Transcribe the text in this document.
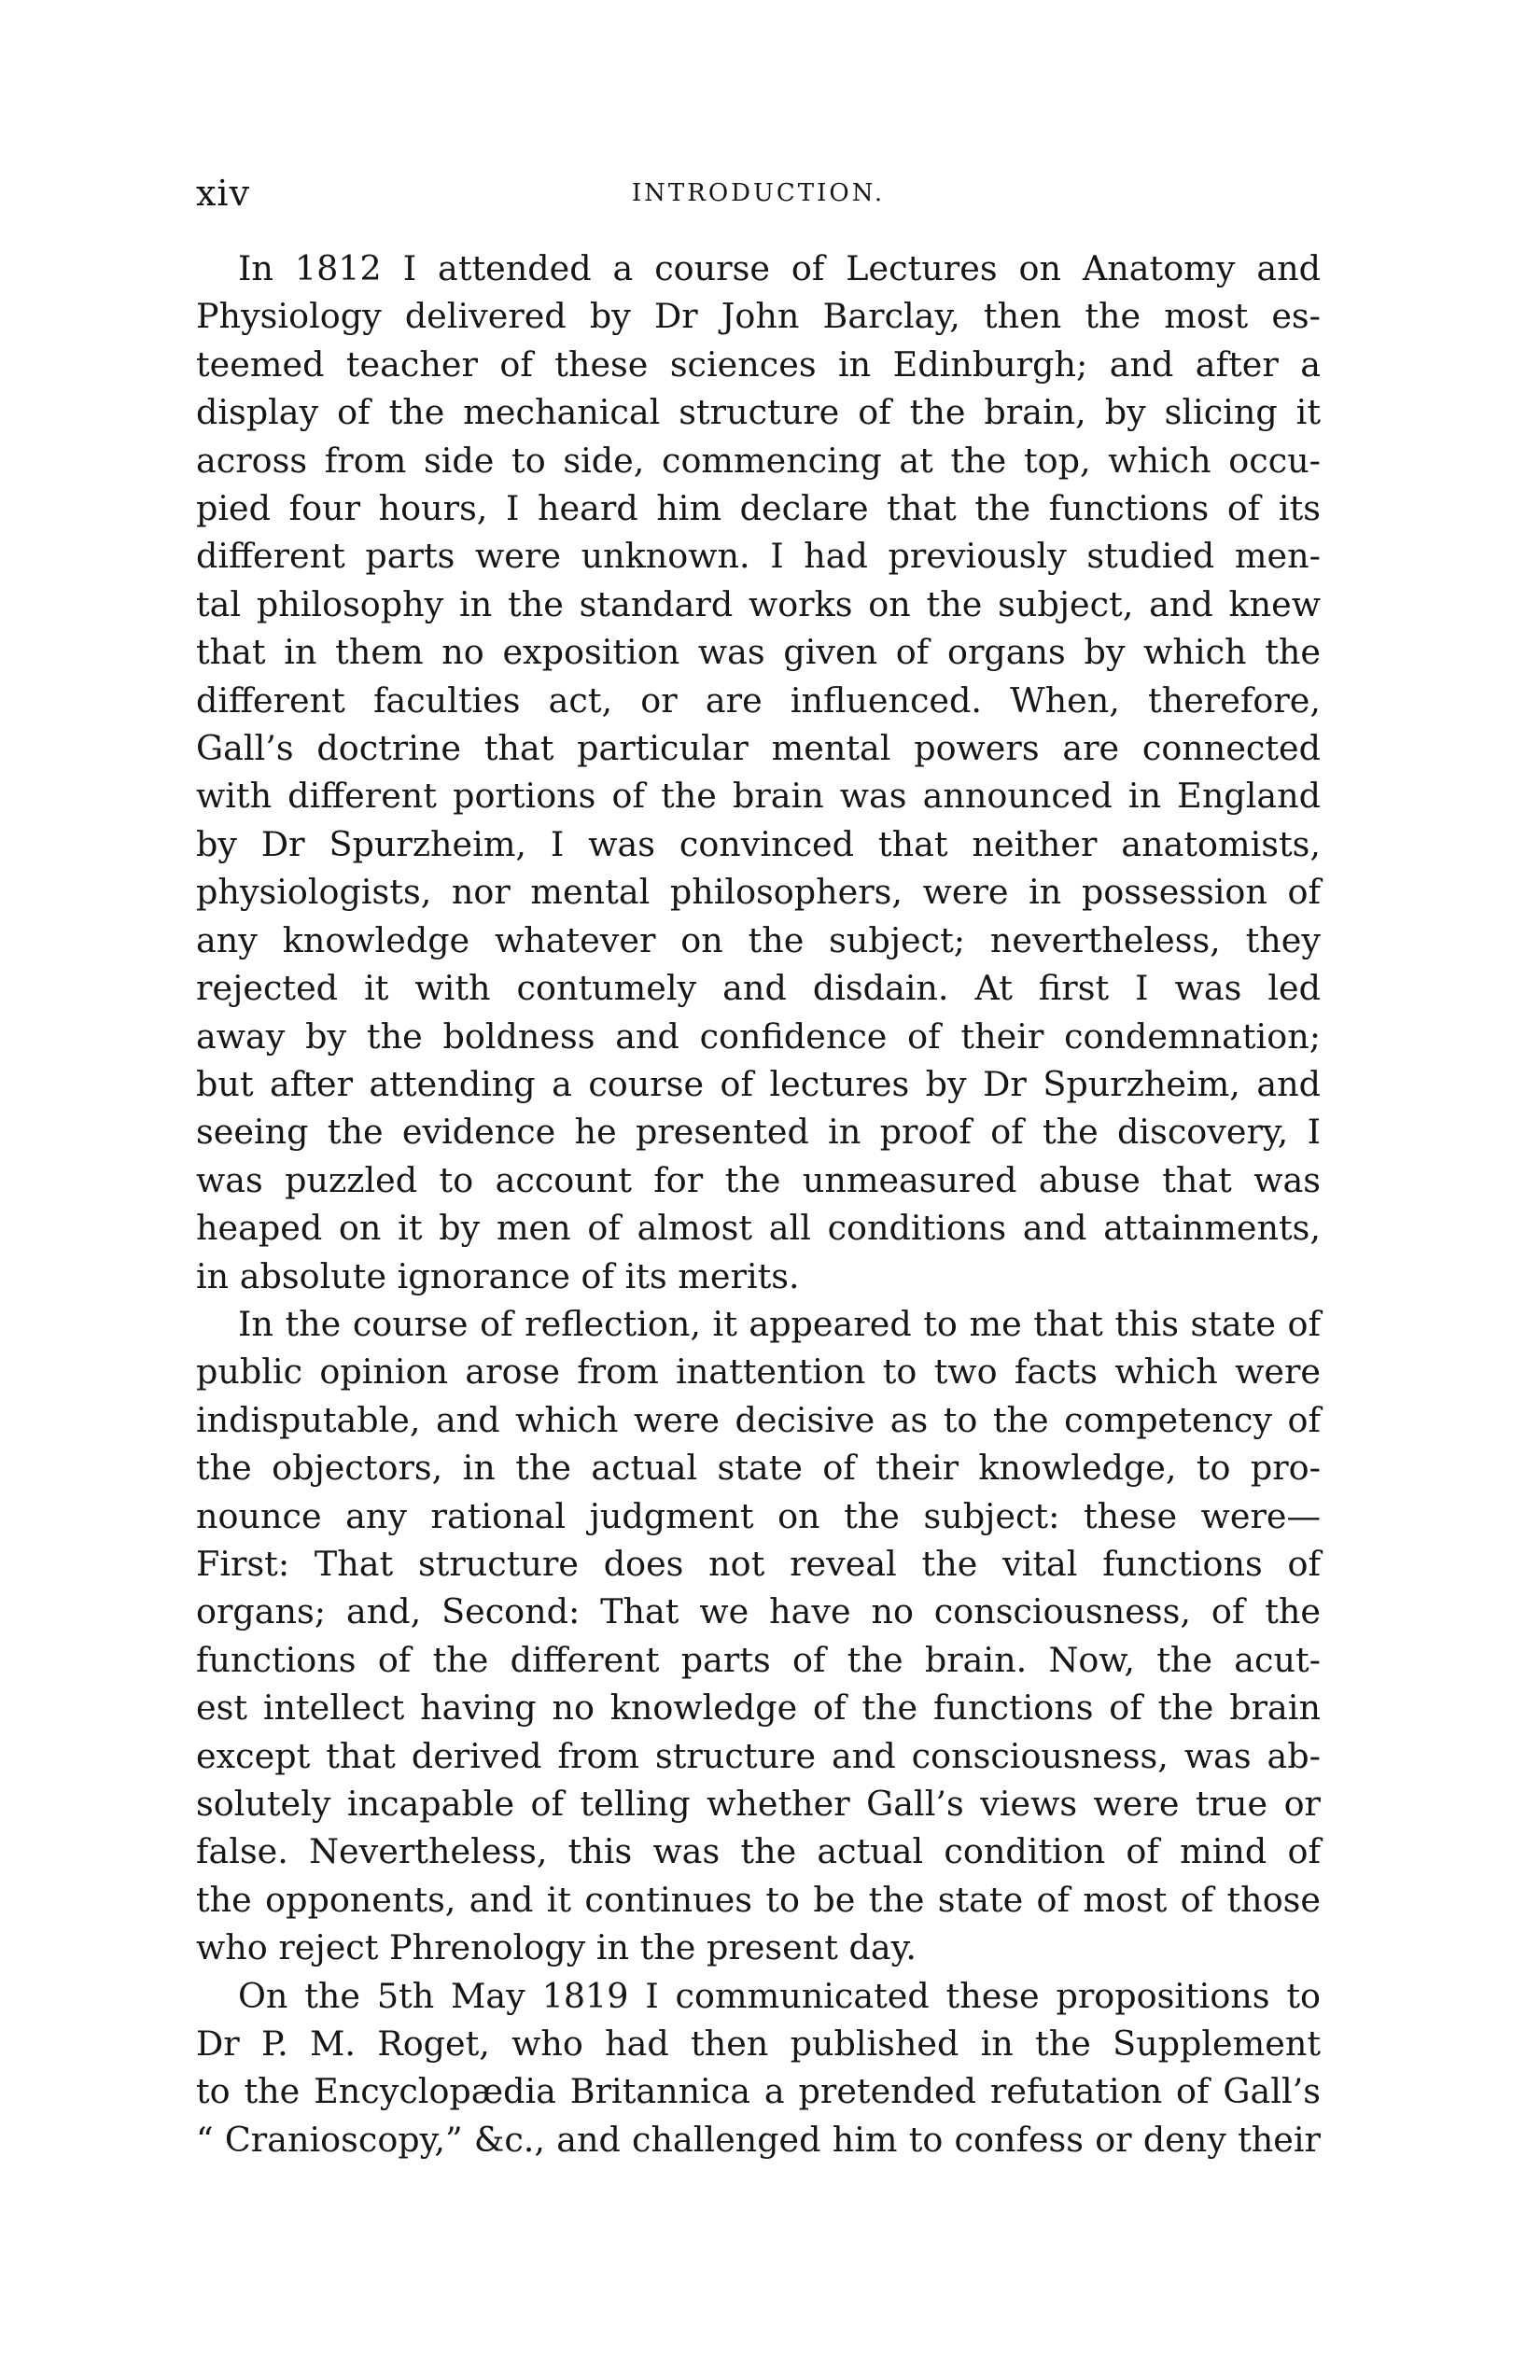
xiv	INTRODUCTION.
In 1812 I attended a course of Lectures on Anatomy and
Physiology delivered by Dr John Barclay, then the most es-
teemed teacher of these sciences in Edinburgh; and after a
display of the mechanical structure of the brain, by slicing it
across from side to side, commencing at the top, which occu-
pied four hours, I heard him declare that the functions of its
different parts were unknown. I had previously studied men-
tal philosophy in the standard works on the subject, and knew
that in them no exposition was given of organs by which the
different faculties act, or are influenced. When, therefore,
Gall’s doctrine that particular mental powers are connected
with different portions of the brain was announced in England
by Dr Spurzheim, I was convinced that neither anatomists,
physiologists, nor mental philosophers, were in possession of
any knowledge whatever on the subject; nevertheless, they
rejected it with contumely and disdain. At first I was led
away by the boldness and confidence of their condemnation;
but after attending a course of lectures by Dr Spurzheim, and
seeing the evidence he presented in proof of the discovery, I
was puzzled to account for the unmeasured abuse that was
heaped on it by men of almost all conditions and attainments,
in absolute ignorance of its merits.
In the course of reflection, it appeared to me that this state of
public opinion arose from inattention to two facts which were
indisputable, and which were decisive as to the competency of
the objectors, in the actual state of their knowledge, to pro-
nounce any rational judgment on the subject: these were—
First: That structure does not reveal the vital functions of
organs; and, Second: That we have no consciousness, of the
functions of the different parts of the brain. Now, the acut-
est intellect having no knowledge of the functions of the brain
except that derived from structure and consciousness, was ab-
solutely incapable of telling whether Gall’s views were true or
false. Nevertheless, this was the actual condition of mind of
the opponents, and it continues to be the state of most of those
who reject Phrenology in the present day.
On the 5th May 1819 I communicated these propositions to
Dr P. M. Roget, who had then published in the Supplement
to the Encyclopædia Britannica a pretended refutation of Gall’s
“ Cranioscopy,” &c., and challenged him to confess or deny their
